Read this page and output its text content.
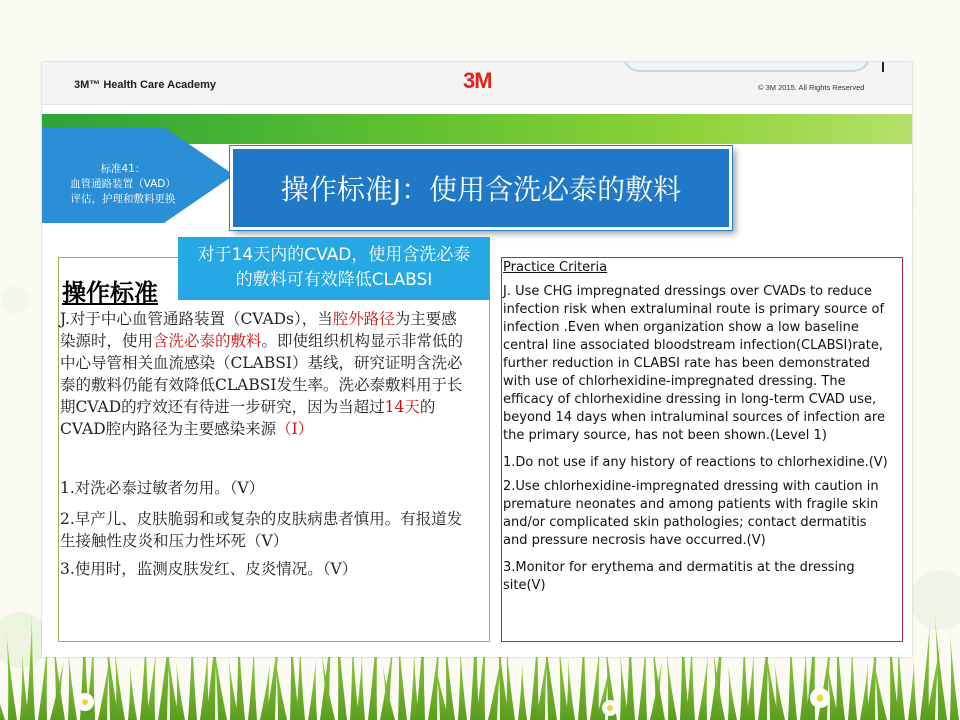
3M™ Health Care Academy	3M	© 3M 2015. All Rights Reserved
标准41：
血管通路装置（VAD）
评估，护理和敷料更换	操作标准J：使用含洗必泰的敷料
操作标准
J.对于中心血管通路装置（CVADs），当腔外路径为主要感染源时，使用含洗必泰的敷料。即使组织机构显示非常低的中心导管相关血流感染（CLABSI）基线，研究证明含洗必泰的敷料仍能有效降低CLABSI发生率。洗必泰敷料用于长期CVAD的疗效还有待进一步研究，因为当超过14天的CVAD腔内路径为主要感染来源（I）
1.对洗必泰过敏者勿用。（V）
2.早产儿、皮肤脆弱和或复杂的皮肤病患者慎用。有报道发生接触性皮炎和压力性坏死（V）
3.使用时，监测皮肤发红、皮炎情况。（V）
Practice Criteria
J. Use CHG impregnated dressings over CVADs to reduce infection risk when extraluminal route is primary source of infection .Even when organization show a low baseline central line associated bloodstream infection(CLABSI)rate, further reduction in CLABSI rate has been demonstrated with use of chlorhexidine-impregnated dressing. The efficacy of chlorhexidine dressing in long-term CVAD use, beyond 14 days when intraluminal sources of infection are the primary source, has not been shown.(Level 1)
1.Do not use if any history of reactions to chlorhexidine.(V)
2.Use chlorhexidine-impregnated dressing with caution in premature neonates and among patients with fragile skin and/or complicated skin pathologies; contact dermatitis and pressure necrosis have occurred.(V)
3.Monitor for erythema and dermatitis at the dressing site(V)
对于14天内的CVAD，使用含洗必泰
的敷料可有效降低CLABSI
